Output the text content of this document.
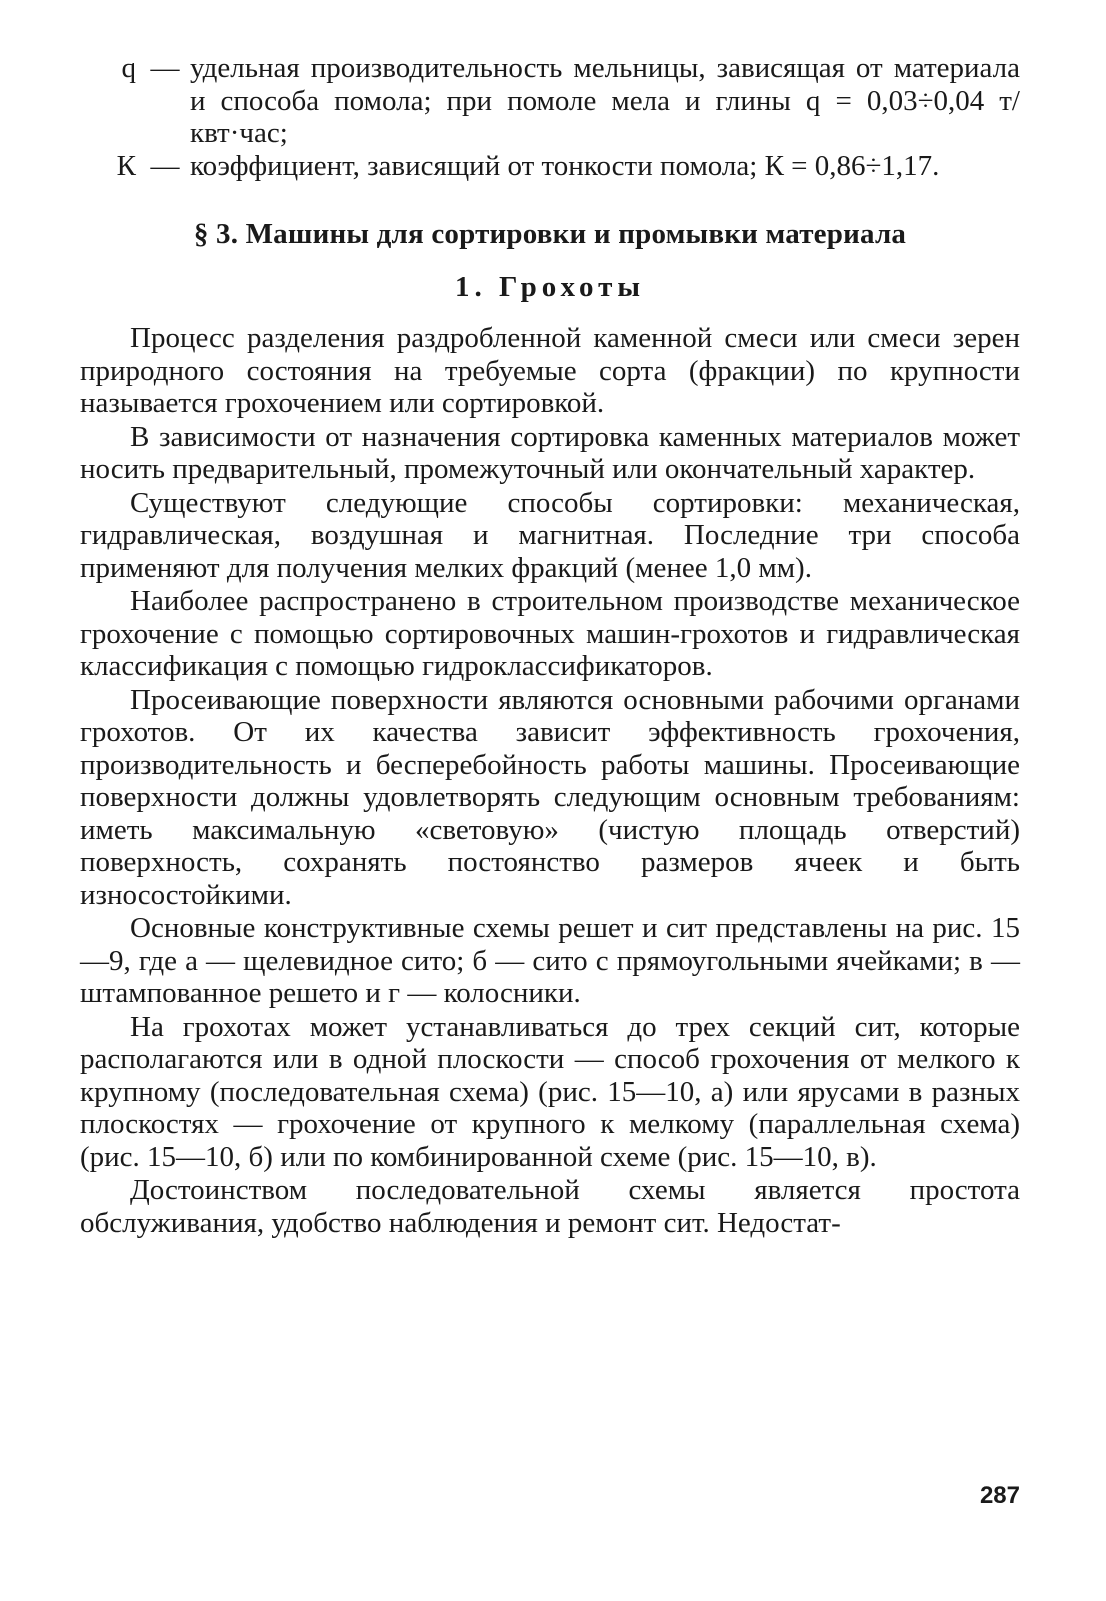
q — удельная производительность мельницы, зависящая от материала и способа помола; при помоле мела и глины q = 0,03÷0,04 т/квт·час;
К — коэффициент, зависящий от тонкости помола; К = 0,86÷1,17.
§ 3. Машины для сортировки и промывки материала
1. Грохоты

Процесс разделения раздробленной каменной смеси или смеси зерен природного состояния на требуемые сорта (фракции) по крупности называется грохочением или сортировкой.

В зависимости от назначения сортировка каменных материалов может носить предварительный, промежуточный или окончательный характер.

Существуют следующие способы сортировки: механическая, гидравлическая, воздушная и магнитная. Последние три способа применяют для получения мелких фракций (менее 1,0 мм).

Наиболее распространено в строительном производстве механическое грохочение с помощью сортировочных машин-грохотов и гидравлическая классификация с помощью гидроклассификаторов.

Просеивающие поверхности являются основными рабочими органами грохотов. От их качества зависит эффективность грохочения, производительность и бесперебойность работы машины. Просеивающие поверхности должны удовлетворять следующим основным требованиям: иметь максимальную «световую» (чистую площадь отверстий) поверхность, сохранять постоянство размеров ячеек и быть износостойкими.

Основные конструктивные схемы решет и сит представлены на рис. 15—9, где а — щелевидное сито; б — сито с прямоугольными ячейками; в — штампованное решето и г — колосники.

На грохотах может устанавливаться до трех секций сит, которые располагаются или в одной плоскости — способ грохочения от мелкого к крупному (последовательная схема) (рис. 15—10, а) или ярусами в разных плоскостях — грохочение от крупного к мелкому (параллельная схема) (рис. 15—10, б) или по комбинированной схеме (рис. 15—10, в).

Достоинством последовательной схемы является простота обслуживания, удобство наблюдения и ремонт сит. Недостат-

287
